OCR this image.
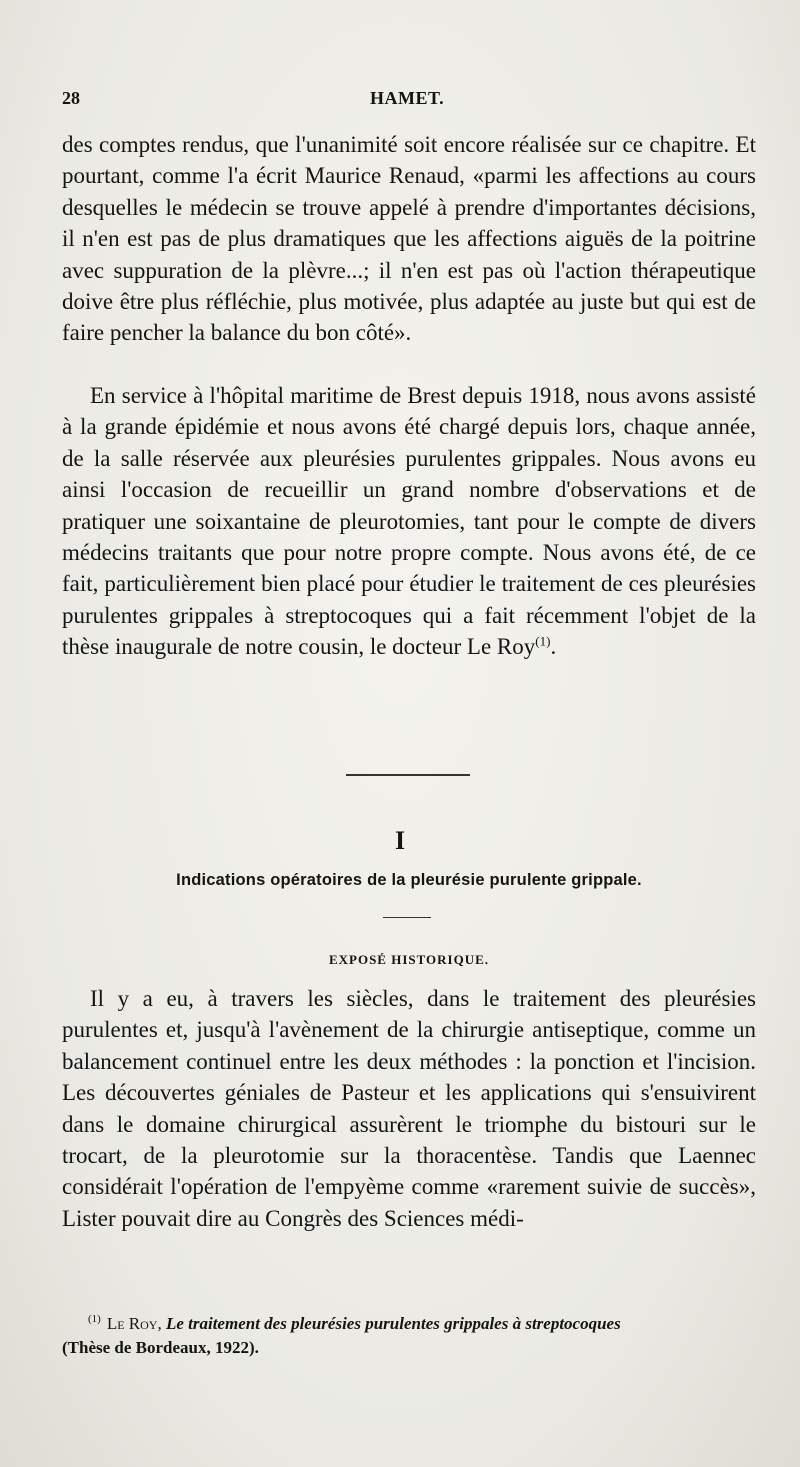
28	HAMET.

des comptes rendus, que l'unanimité soit encore réalisée sur ce chapitre. Et pourtant, comme l'a écrit Maurice Renaud, «parmi les affections au cours desquelles le médecin se trouve appelé à prendre d'importantes décisions, il n'en est pas de plus dramatiques que les affections aiguës de la poitrine avec suppuration de la plèvre...; il n'en est pas où l'action thérapeutique doive être plus réfléchie, plus motivée, plus adaptée au juste but qui est de faire pencher la balance du bon côté».

En service à l'hôpital maritime de Brest depuis 1918, nous avons assisté à la grande épidémie et nous avons été chargé depuis lors, chaque année, de la salle réservée aux pleurésies purulentes grippales. Nous avons eu ainsi l'occasion de recueillir un grand nombre d'observations et de pratiquer une soixantaine de pleurotomies, tant pour le compte de divers médecins traitants que pour notre propre compte. Nous avons été, de ce fait, particulièrement bien placé pour étudier le traitement de ces pleurésies purulentes grippales à streptocoques qui a fait récemment l'objet de la thèse inaugurale de notre cousin, le docteur Le Roy$^{(1)}$.

I
Indications opératoires de la pleurésie purulente grippale.
EXPOSÉ HISTORIQUE.

Il y a eu, à travers les siècles, dans le traitement des pleurésies purulentes et, jusqu'à l'avènement de la chirurgie antiseptique, comme un balancement continuel entre les deux méthodes : la ponction et l'incision. Les découvertes géniales de Pasteur et les applications qui s'ensuivirent dans le domaine chirurgical assurèrent le triomphe du bistouri sur le trocart, de la pleurotomie sur la thoracentèse. Tandis que Laennec considérait l'opération de l'empyème comme «rarement suivie de succès», Lister pouvait dire au Congrès des Sciences médi-

$^{(1)}$ Le Roy, Le traitement des pleurésies purulentes grippales à streptocoques
(Thèse de Bordeaux, 1922).
